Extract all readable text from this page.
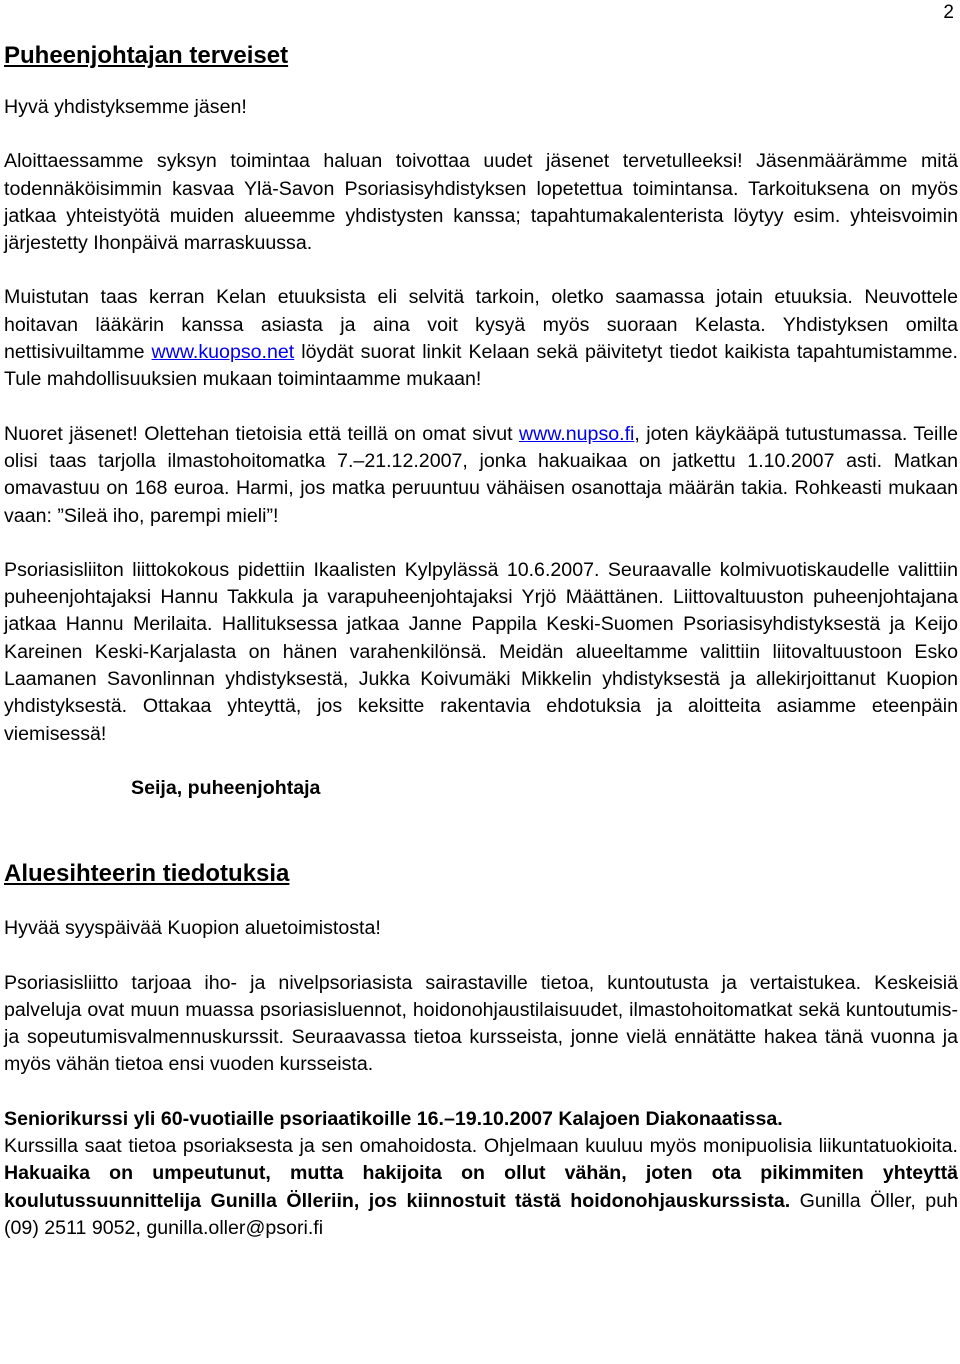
2
Puheenjohtajan terveiset

Hyvä yhdistyksemme jäsen!

Aloittaessamme syksyn toimintaa haluan toivottaa uudet jäsenet tervetulleeksi! Jäsenmäärämme mitä todennäköisimmin kasvaa Ylä-Savon Psoriasisyhdistyksen lopetettua toimintansa. Tarkoituksena on myös jatkaa yhteistyötä muiden alueemme yhdistysten kanssa; tapahtumakalenterista löytyy esim. yhteisvoimin järjestetty Ihonpäivä marraskuussa.

Muistutan taas kerran Kelan etuuksista eli selvitä tarkoin, oletko saamassa jotain etuuksia. Neuvottele hoitavan lääkärin kanssa asiasta ja aina voit kysyä myös suoraan Kelasta. Yhdistyksen omilta nettisivuiltamme www.kuopso.net löydät suorat linkit Kelaan sekä päivitetyt tiedot kaikista tapahtumistamme. Tule mahdollisuuksien mukaan toimintaamme mukaan!

Nuoret jäsenet! Olettehan tietoisia että teillä on omat sivut www.nupso.fi, joten käykääpä tutustumassa. Teille olisi taas tarjolla ilmastohoitomatka 7.–21.12.2007, jonka hakuaikaa on jatkettu 1.10.2007 asti. Matkan omavastuu on 168 euroa. Harmi, jos matka peruuntuu vähäisen osanottaja määrän takia. Rohkeasti mukaan vaan: ”Sileä iho, parempi mieli”!

Psoriasisliiton liittokokous pidettiin Ikaalisten Kylpylässä 10.6.2007. Seuraavalle kolmivuotiskaudelle valittiin puheenjohtajaksi Hannu Takkula ja varapuheenjohtajaksi Yrjö Määttänen. Liittovaltuuston puheenjohtajana jatkaa Hannu Merilaita. Hallituksessa jatkaa Janne Pappila Keski-Suomen Psoriasisyhdistyksestä ja Keijo Kareinen Keski-Karjalasta on hänen varahenkilönsä. Meidän alueeltamme valittiin liitovaltuustoon Esko Laamanen Savonlinnan yhdistyksestä, Jukka Koivumäki Mikkelin yhdistyksestä ja allekirjoittanut Kuopion yhdistyksestä. Ottakaa yhteyttä, jos keksitte rakentavia ehdotuksia ja aloitteita asiamme eteenpäin viemisessä!

Seija, puheenjohtaja

Aluesihteerin tiedotuksia

Hyvää syyspäivää Kuopion aluetoimistosta!

Psoriasisliitto tarjoaa iho- ja nivelpsoriasista sairastaville tietoa, kuntoutusta ja vertaistukea. Keskeisiä palveluja ovat muun muassa psoriasisluennot, hoidonohjaustilaisuudet, ilmastohoitomatkat sekä kuntoutumis- ja sopeutumisvalmennuskurssit. Seuraavassa tietoa kursseista, jonne vielä ennätätte hakea tänä vuonna ja myös vähän tietoa ensi vuoden kursseista.

Seniorikurssi yli 60-vuotiaille psoriaatikoille 16.–19.10.2007 Kalajoen Diakonaatissa.

Kurssilla saat tietoa psoriaksesta ja sen omahoidosta. Ohjelmaan kuuluu myös monipuolisia liikuntatuokioita. Hakuaika on umpeutunut, mutta hakijoita on ollut vähän, joten ota pikimmiten yhteyttä koulutussuunnittelija Gunilla Ölleriin, jos kiinnostuit tästä hoidonohjauskurssista. Gunilla Öller, puh (09) 2511 9052, gunilla.oller@psori.fi
